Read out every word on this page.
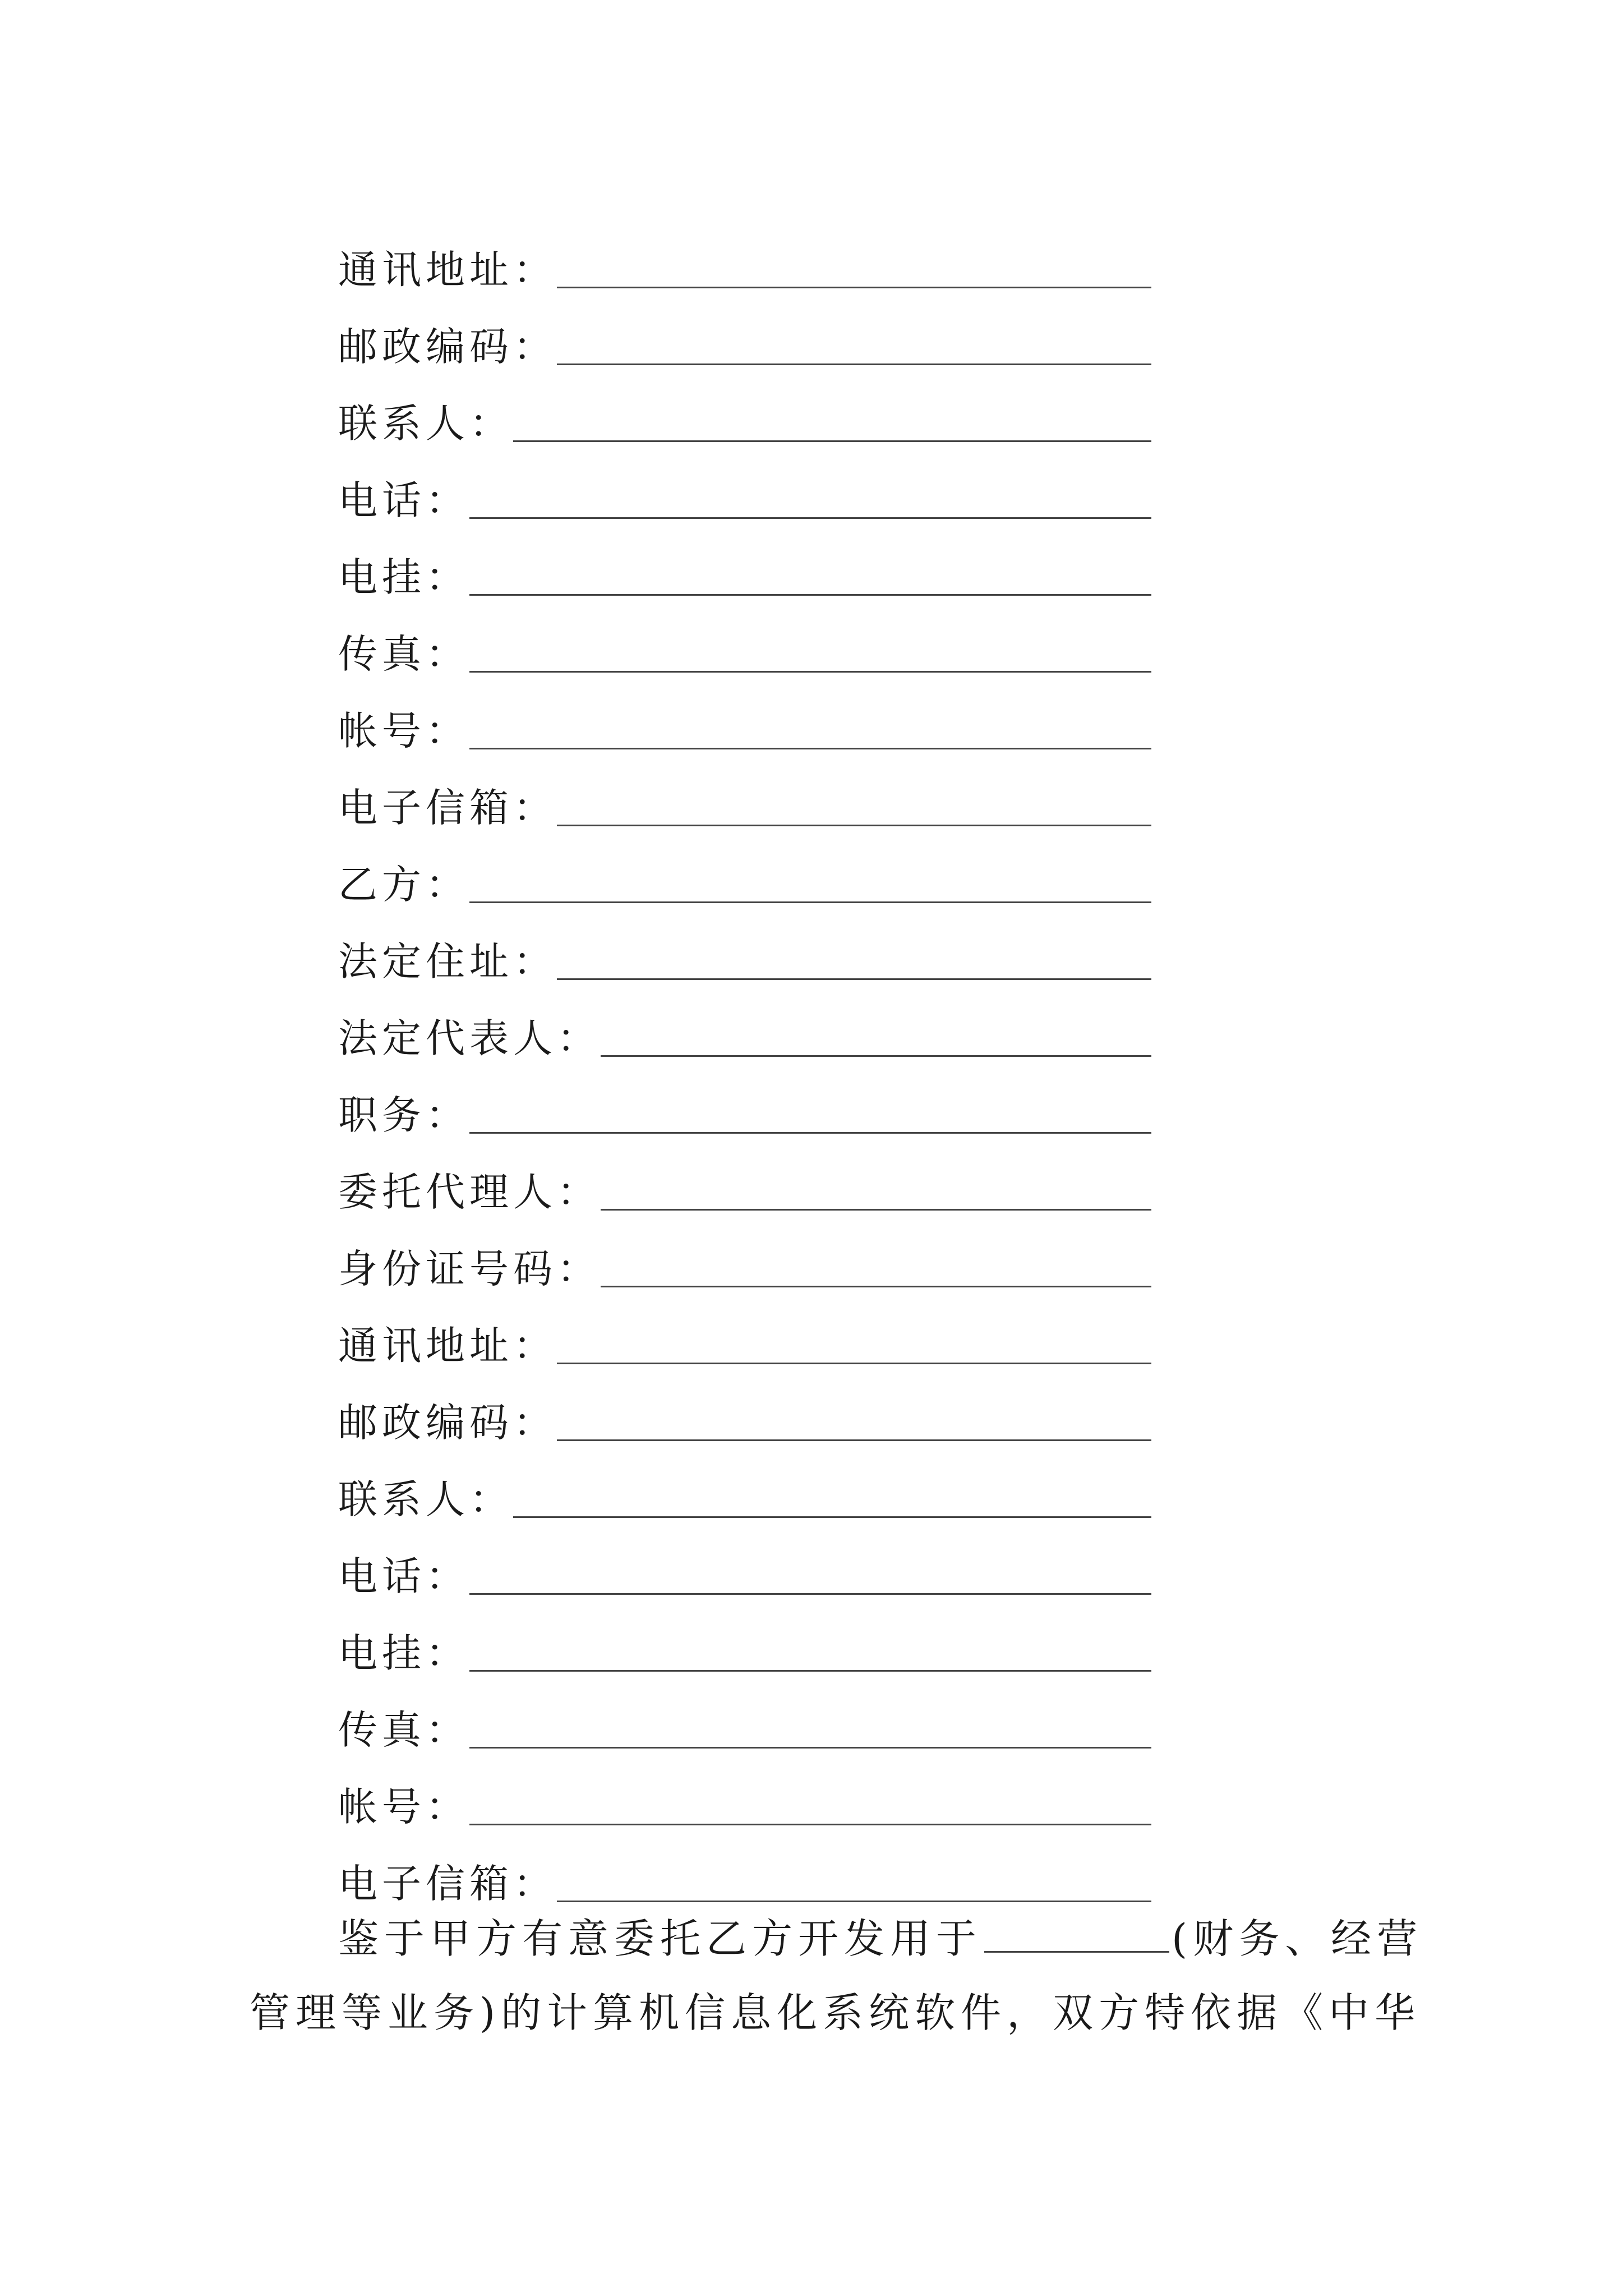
通讯地址：
邮政编码：
联系人：
电话：
电挂：
传真：
帐号：
电子信箱：
乙方：
法定住址：
法定代表人：
职务：
委托代理人：
身份证号码：
通讯地址：
邮政编码：
联系人：
电话：
电挂：
传真：
帐号：
电子信箱：
鉴于甲方有意委托乙方开发用于	(财务、经营
管理等业务)的计算机信息化系统软件，双方特依据《中华
